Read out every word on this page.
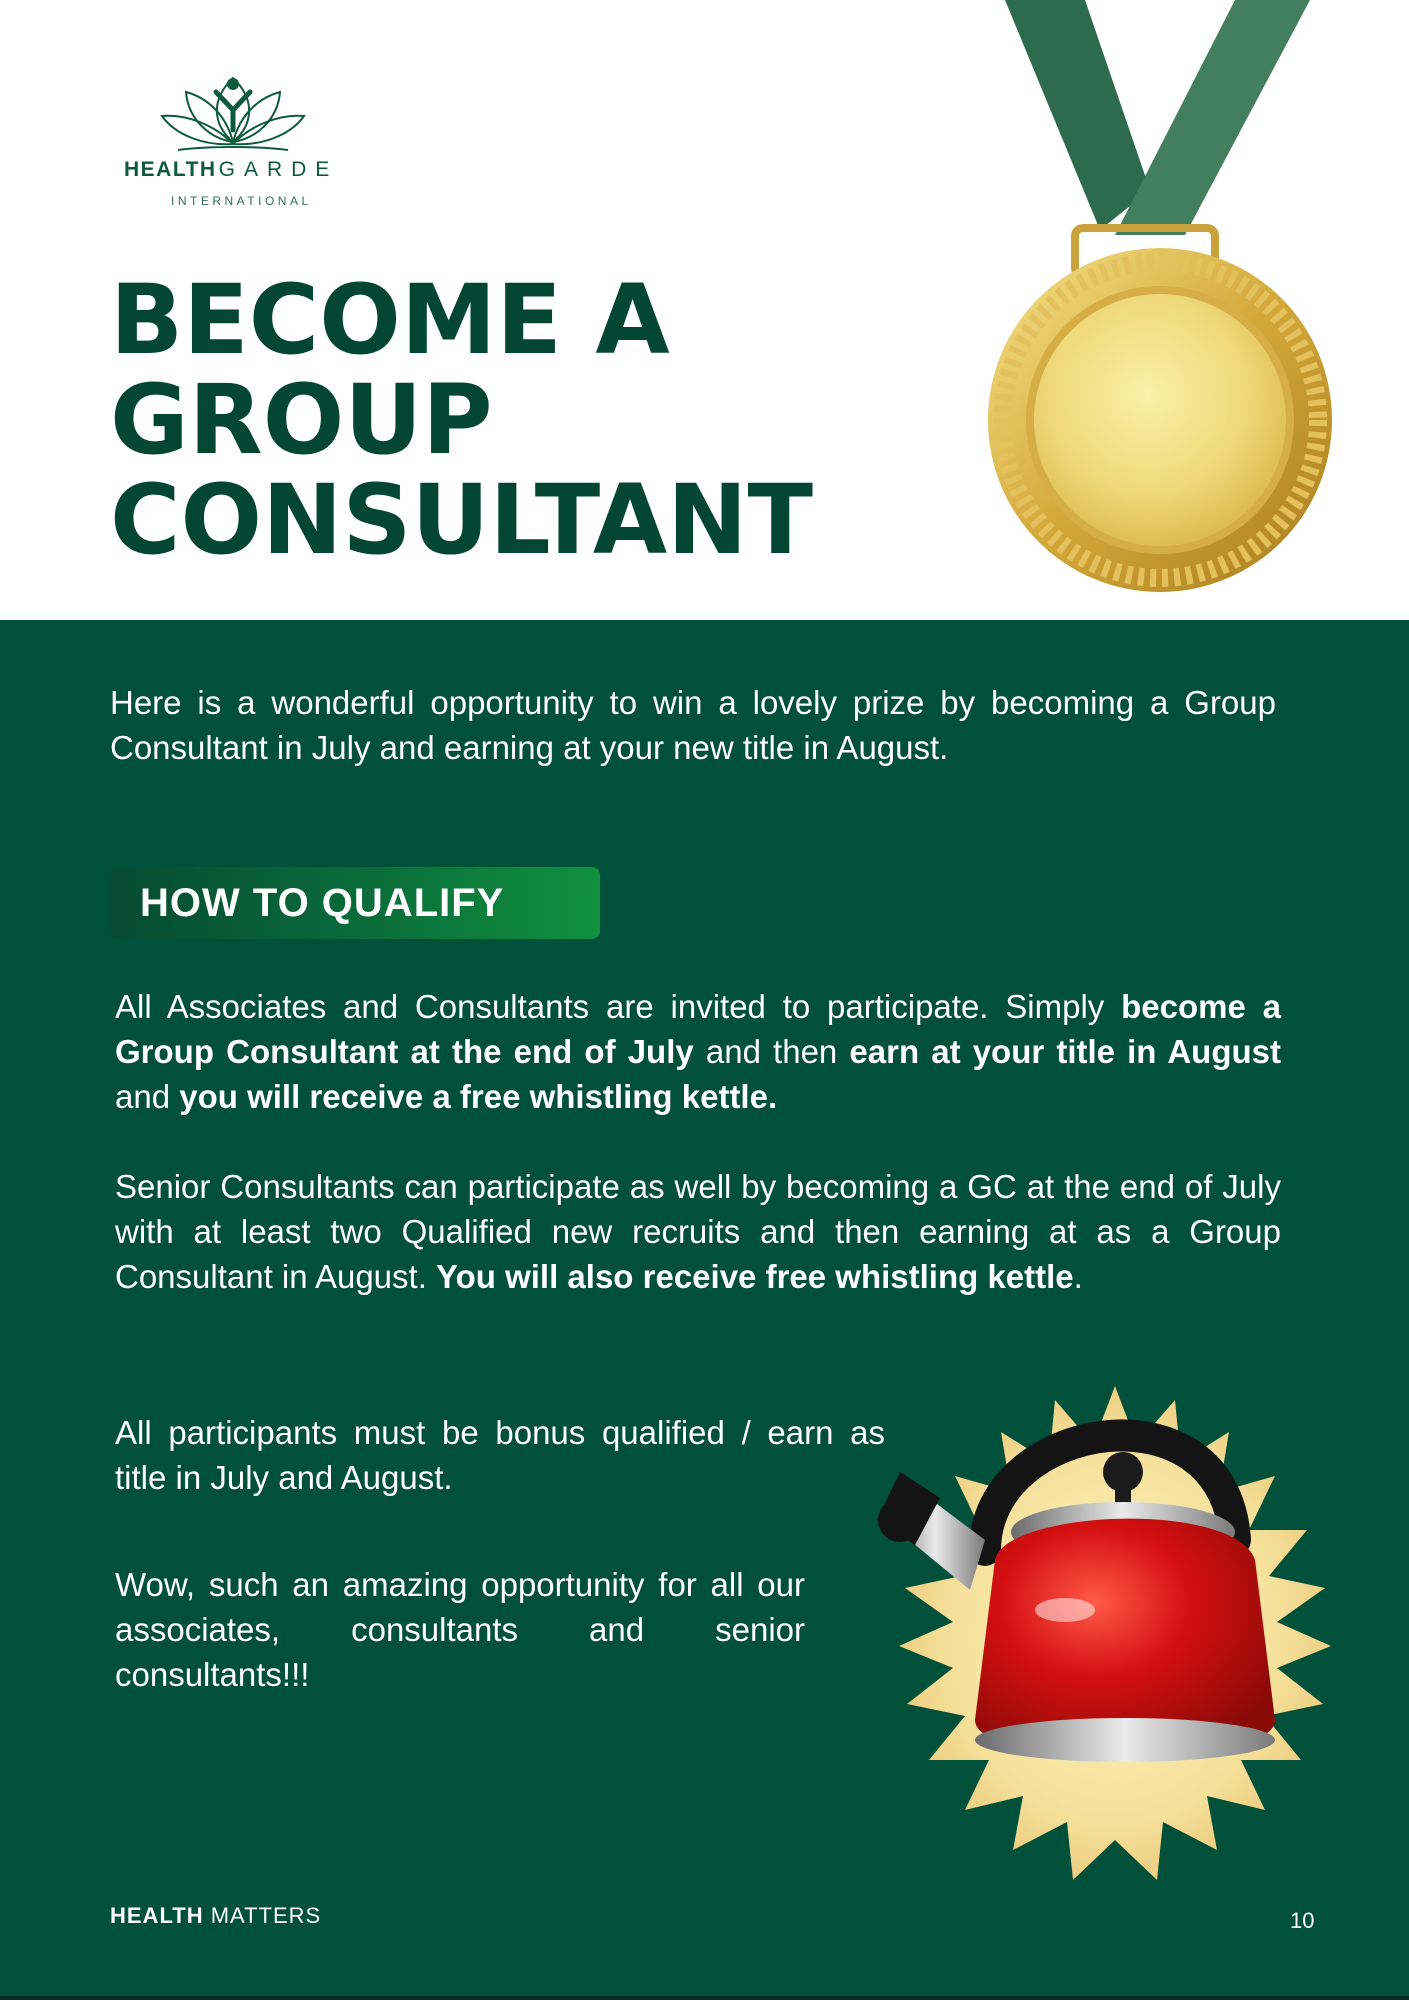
HEALTHGARDE
INTERNATIONAL
BECOME A
GROUP
CONSULTANT

Here is a wonderful opportunity to win a lovely prize by becoming a Group Consultant in July and earning at your new title in August.

HOW TO QUALIFY

All Associates and Consultants are invited to participate. Simply become a Group Consultant at the end of July and then earn at your title in August and you will receive a free whistling kettle.

Senior Consultants can participate as well by becoming a GC at the end of July with at least two Qualified new recruits and then earning at as a Group Consultant in August. You will also receive free whistling kettle.

All participants must be bonus qualified / earn as title in July and August.

Wow, such an amazing opportunity for all our associates, consultants and senior consultants!!!

HEALTH MATTERS	10
